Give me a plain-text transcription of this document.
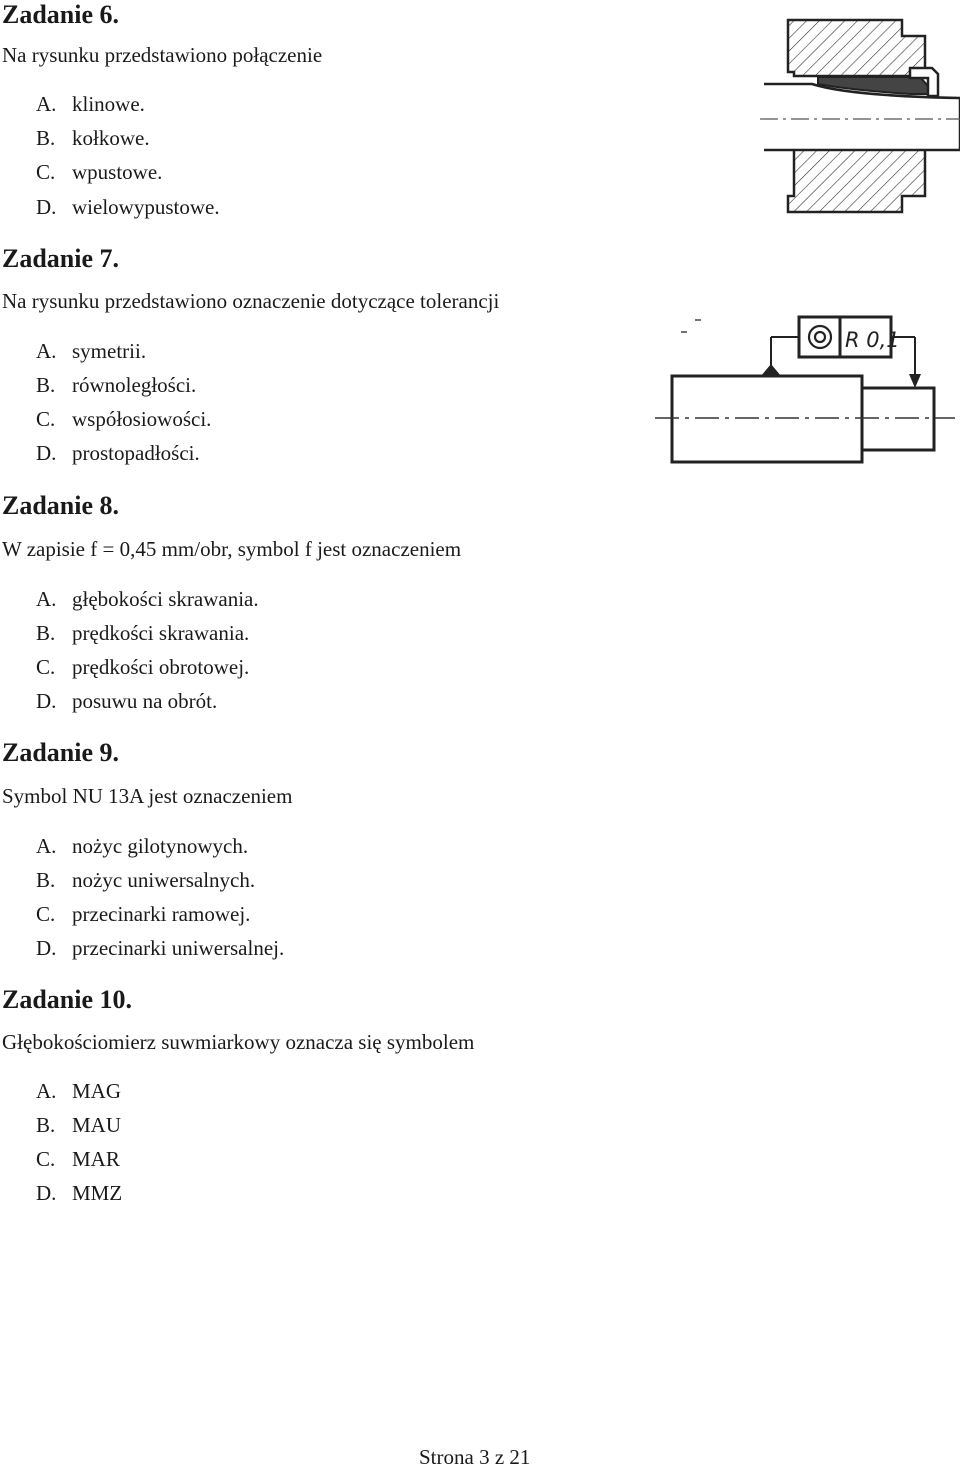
Zadanie 6.
Na rysunku przedstawiono połączenie
A. klinowe.
B. kołkowe.
C. wpustowe.
D. wielowypustowe.
Zadanie 7.
Na rysunku przedstawiono oznaczenie dotyczące tolerancji
A. symetrii.
B. równoległości.
C. współosiowości.
D. prostopadłości.
R 0,1
Zadanie 8.
W zapisie f = 0,45 mm/obr, symbol f jest oznaczeniem
A. głębokości skrawania.
B. prędkości skrawania.
C. prędkości obrotowej.
D. posuwu na obrót.
Zadanie 9.
Symbol NU 13A jest oznaczeniem
A. nożyc gilotynowych.
B. nożyc uniwersalnych.
C. przecinarki ramowej.
D. przecinarki uniwersalnej.
Zadanie 10.
Głębokościomierz suwmiarkowy oznacza się symbolem
A. MAG
B. MAU
C. MAR
D. MMZ
Strona 3 z 21
